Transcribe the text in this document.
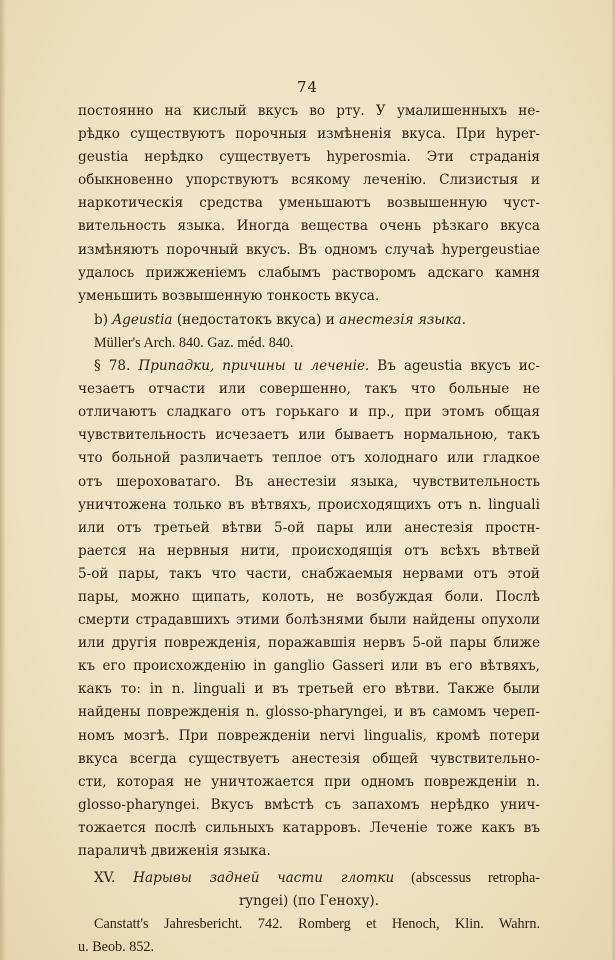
74
постоянно на кислый вкусъ во рту. У умалишенныхъ не-
рѣдко существуютъ порочныя измѣненія вкуса. При hyper-
geustia нерѣдко существуетъ hyperosmia. Эти страданія
обыкновенно упорствуютъ всякому леченію. Слизистыя и
наркотическія средства уменьшаютъ возвышенную чуст-
вительность языка. Иногда вещества очень рѣзкаго вкуса
измѣняютъ порочный вкусъ. Въ одномъ случаѣ hypergeustiae
удалось прижженіемъ слабымъ растворомъ адскаго камня
уменьшить возвышенную тонкость вкуса.
b) Ageustia (недостатокъ вкуса) и анестезія языка.
Müller's Arch. 840. Gaz. méd. 840.
§ 78. Припадки, причины и леченіе. Въ ageustia вкусъ ис-
чезаетъ отчасти или совершенно, такъ что больные не
отличаютъ сладкаго отъ горькаго и пр., при этомъ общая
чувствительность исчезаетъ или бываетъ нормальною, такъ
что больной различаетъ теплое отъ холоднаго или гладкое
отъ шероховатаго. Въ анестезіи языка, чувствительность
уничтожена только въ вѣтвяхъ, происходящихъ отъ n. linguali
или отъ третьей вѣтви 5-ой пары или анестезія простн-
рается на нервныя нити, происходящія отъ всѣхъ вѣтвей
5-ой пары, такъ что части, снабжаемыя нервами отъ этой
пары, можно щипать, колоть, не возбуждая боли. Послѣ
смерти страдавшихъ этими болѣзнями были найдены опухоли
или другія поврежденія, поражавшія нервъ 5-ой пары ближе
къ его происхожденію in ganglio Gasseri или въ его вѣтвяхъ,
какъ то: in n. linguali и въ третьей его вѣтви. Также были
найдены поврежденія n. glosso-pharyngei, и въ самомъ череп-
номъ мозгѣ. При поврежденіи nervi lingualis, кромѣ потери
вкуса всегда существуетъ анестезія общей чувствительно-
сти, которая не уничтожается при одномъ поврежденіи n.
glosso-pharyngei. Вкусъ вмѣстѣ съ запахомъ нерѣдко унич-
тожается послѣ сильныхъ катарровъ. Леченіе тоже какъ въ
параличѣ движенія языка.
XV. Нарывы задней части глотки (abscessus retropha-
ryngei) (по Геноху).
Canstatt's Jahresbericht. 742. Romberg et Henoch, Klin. Wahrn.
u. Beob. 852.
